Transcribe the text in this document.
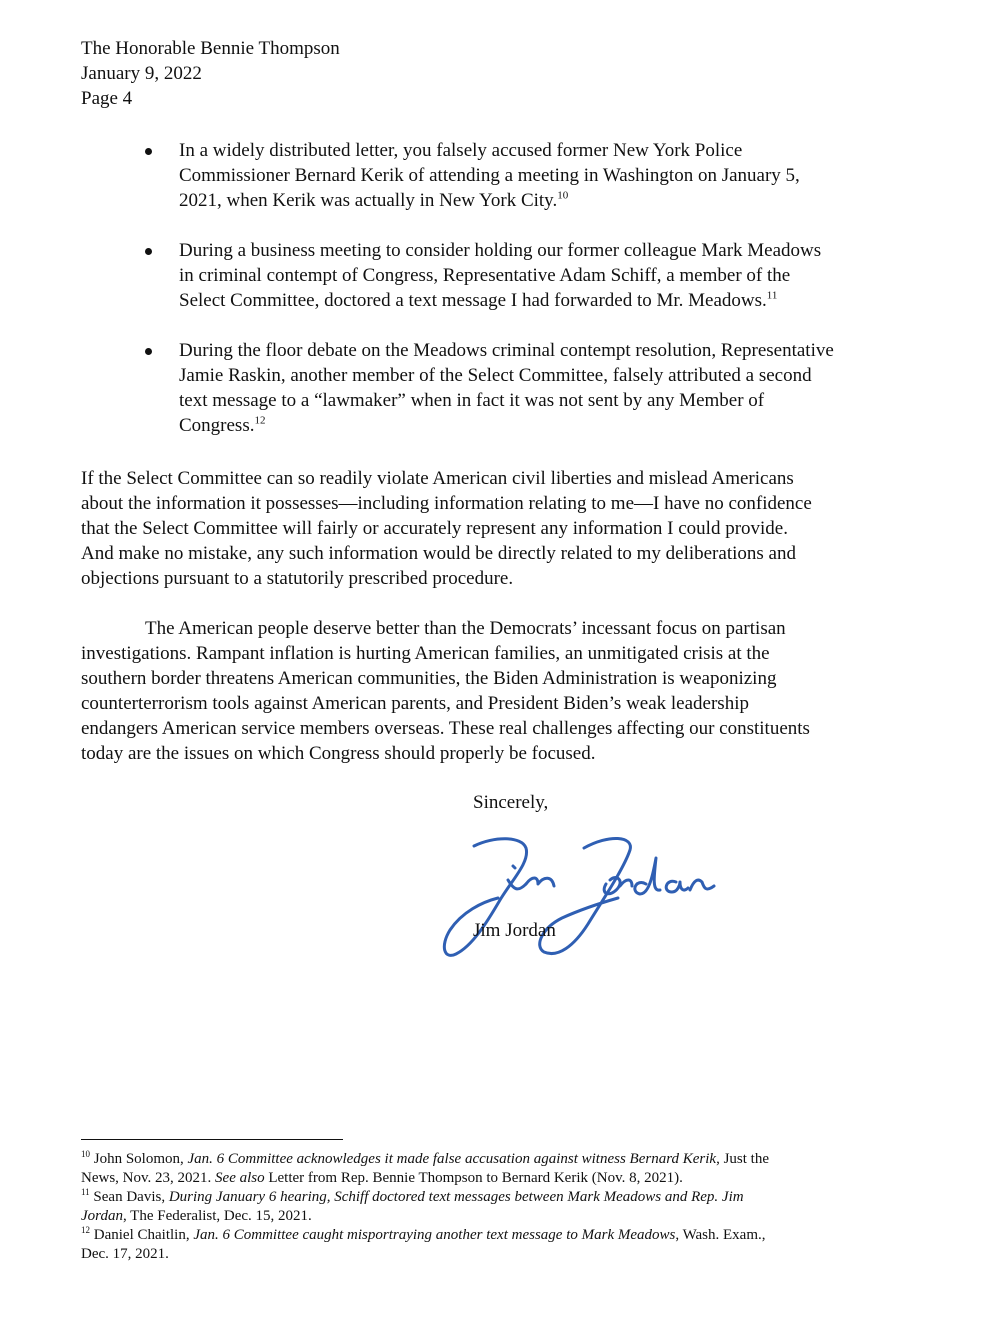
The Honorable Bennie Thompson
January 9, 2022
Page 4
In a widely distributed letter, you falsely accused former New York Police
Commissioner Bernard Kerik of attending a meeting in Washington on January 5,
2021, when Kerik was actually in New York City.$^{10}$
During a business meeting to consider holding our former colleague Mark Meadows
in criminal contempt of Congress, Representative Adam Schiff, a member of the
Select Committee, doctored a text message I had forwarded to Mr. Meadows.$^{11}$
During the floor debate on the Meadows criminal contempt resolution, Representative
Jamie Raskin, another member of the Select Committee, falsely attributed a second
text message to a “lawmaker” when in fact it was not sent by any Member of
Congress.$^{12}$
If the Select Committee can so readily violate American civil liberties and mislead Americans
about the information it possesses—including information relating to me—I have no confidence
that the Select Committee will fairly or accurately represent any information I could provide.
And make no mistake, any such information would be directly related to my deliberations and
objections pursuant to a statutorily prescribed procedure.
The American people deserve better than the Democrats’ incessant focus on partisan
investigations. Rampant inflation is hurting American families, an unmitigated crisis at the
southern border threatens American communities, the Biden Administration is weaponizing
counterterrorism tools against American parents, and President Biden’s weak leadership
endangers American service members overseas. These real challenges affecting our constituents
today are the issues on which Congress should properly be focused.
Sincerely,
Jim Jordan
$^{10}$ John Solomon, Jan. 6 Committee acknowledges it made false accusation against witness Bernard Kerik, Just the
News, Nov. 23, 2021. See also Letter from Rep. Bennie Thompson to Bernard Kerik (Nov. 8, 2021).
$^{11}$ Sean Davis, During January 6 hearing, Schiff doctored text messages between Mark Meadows and Rep. Jim
Jordan, The Federalist, Dec. 15, 2021.
$^{12}$ Daniel Chaitlin, Jan. 6 Committee caught misportraying another text message to Mark Meadows, Wash. Exam.,
Dec. 17, 2021.
